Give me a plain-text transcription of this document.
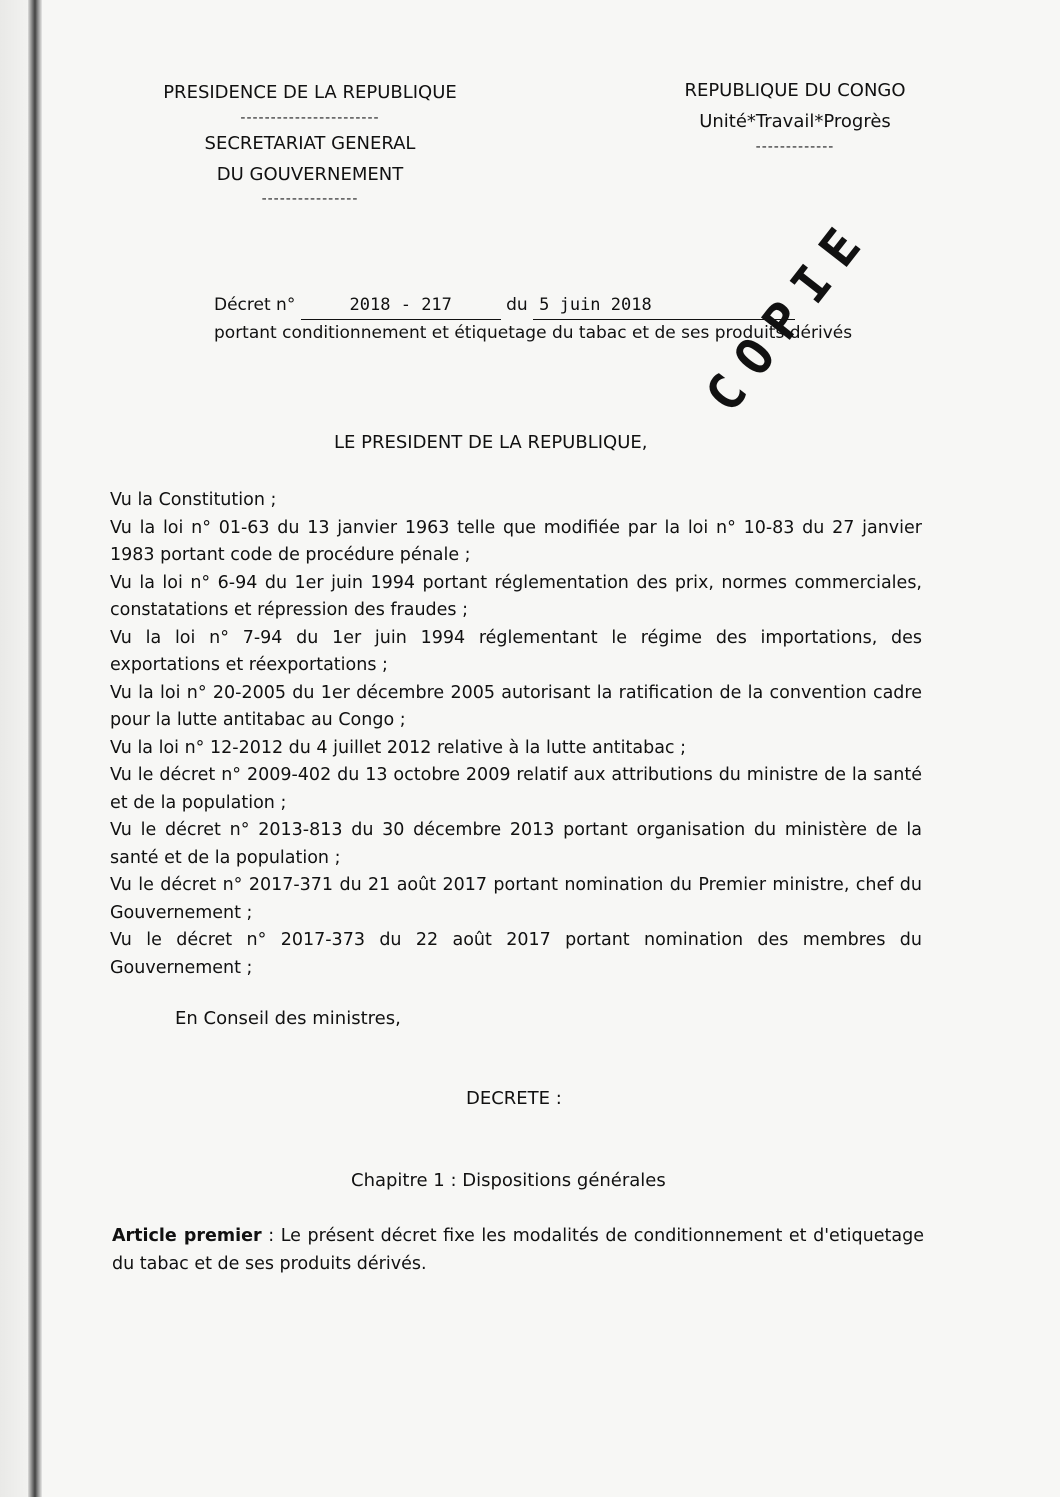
PRESIDENCE DE LA REPUBLIQUE
-----------------------
SECRETARIAT GENERAL
DU GOUVERNEMENT
----------------
REPUBLIQUE DU CONGO
Unité*Travail*Progrès
-------------
Décret n°	2018 - 217	du 5 juin 2018
portant conditionnement et étiquetage du tabac et de ses produits dérivés
COPIE
LE PRESIDENT DE LA REPUBLIQUE,

Vu la Constitution ;

Vu la loi n° 01-63 du 13 janvier 1963 telle que modifiée par la loi n° 10-83 du 27 janvier 1983 portant code de procédure pénale ;

Vu la loi n° 6-94 du 1er juin 1994 portant réglementation des prix, normes commerciales, constatations et répression des fraudes ;

Vu la loi n° 7-94 du 1er juin 1994 réglementant le régime des importations, des exportations et réexportations ;

Vu la loi n° 20-2005 du 1er décembre 2005 autorisant la ratification de la convention cadre pour la lutte antitabac au Congo ;

Vu la loi n° 12-2012 du 4 juillet 2012 relative à la lutte antitabac ;

Vu le décret n° 2009-402 du 13 octobre 2009 relatif aux attributions du ministre de la santé et de la population ;

Vu le décret n° 2013-813 du 30 décembre 2013 portant organisation du ministère de la santé et de la population ;

Vu le décret n° 2017-371 du 21 août 2017 portant nomination du Premier ministre, chef du Gouvernement ;

Vu le décret n° 2017-373 du 22 août 2017 portant nomination des membres du Gouvernement ;

En Conseil des ministres,
DECRETE :
Chapitre 1 : Dispositions générales
Article premier : Le présent décret fixe les modalités de conditionnement et d'etiquetage du tabac et de ses produits dérivés.
